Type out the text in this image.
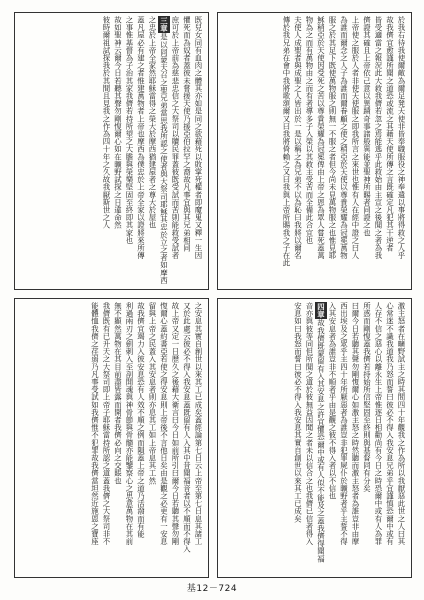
於我右待我使爾敵為爾足凳天使非皆奉職服役之神奉遣以事將得救之人乎

故我儕宜愈謹所聞之道恐或流之其藉天使所傳之言既確定凡犯其干逆者

皆受適當之報況此大救我儕若忽之焉能逃乎此救始由主宣之後聞之者為我

儕證其確且上帝依己意以異蹟奇事諸般異能並聖神所賜者同證之也

上帝使之服於人者非使天使服之即我所言之來世也惟有人在經中證之曰人

為誰而爾念之人子為誰而爾眷顧之使之稍亞於天使以尊貴榮耀為冠冕萬物

服之於其足下既使萬物服之則無一不服之者但今尚未見萬物服之也惟見耶

穌稍亞於天使因受死之苦以尊貴榮耀為冠冕俾由上帝之恩為眾人嘗死蓋萬

物為之而有萬物由之而有者導多子入榮以其救主受苦而全備此合宜也

夫使人成聖者與成聖之人皆出於一是以稱之為兄弟不以為恥曰我將以爾名

傳於我兄弟在會中我將歌頌爾又曰我將倚賴之又曰我與上帝所賜我之子在此

既兒女同有血肉之體其亦如是同之欲藉死以敗掌死權者即魔鬼又釋一生因

懼死而為奴者蓋彼未嘗援天使乃援亞伯拉罕之裔故凡事宜與其兄弟相同

庶可於上帝前為慈悲忠信之大祭司以贖民罪蓋彼既受試而苦則能救受試者

三章是以同蒙天召之聖兄弟當思我所認之使者與大祭司耶穌其忠於立之者如摩西

之忠於上帝全家然耶穌當得之榮大於摩西猶建屋者之尊大於屋也

蓋凡屋必有建之者惟建萬物者上帝也摩西為僕忠於上帝全家以證將來所傳

之事惟基督為子治其家我儕若持所望之大膽與榮樂堅固至終即其家也

故如聖神云爾今日若聽其聲勿剛愎爾心如在曠野試探之日違命然

彼時爾祖試探我於其間且見我之作為四十年之久故我厭斯世之人

激主怒者在曠野試主之時其間四十年觀我之作為所以我厭惡此世之人曰其

心常迷不識我道我乃怒而誓曰彼必不得入我安息兄弟乎宜謹慎恐爾中或有

人存不信之惡心以離永生上帝惟逐日相勸尚有今日之時恐爾中或有人為罪

所惑而剛愎蓋我儕若持始所信堅固至終則與基督同有分矣

曰爾今日若聽其聲勿剛愎爾心如激主怒之時然聽而激主怒者為誰豈非由摩

西出埃及之眾乎主四十年所厭惡者為誰豈非犯罪屍仆於曠野者乎主誓不得

入其安息者為誰豈非不順者乎由是觀之彼不得入者以不信也

四章故我儕既蒙留有入其安息之許宜懼恐爾中或有人似不能及之蓋我儕得聞福

音亦與彼等同但所聞之道於彼無益因聞之者未以信合之也我儕已信者得入

安息如曰我怒而誓曰彼必不得入我安息其實自創世以來其工已成矣

之安息其實自創世以來其工已成矣蓋經論第七日云上帝至第七日息其諸工

又於此處云彼必不得入我安息蓋既留有人入其中昔聞福音者以不順而不得入

故上帝又定一日歷久之後藉大衛言曰今日如前所引曰爾今日若聽其聲勿剛

愎爾心蓋約書亞若使之得安息則上帝後不言他日矣由是觀之必更有一安息

留與上帝之民蓋入其安息者則亦息其工如上帝息其工然

故我儕宜竭力入彼安息恐有人效不順之例而隕蓋上帝之道乃活潑而有能

利過兩刃之劍刺入至剖開魂與神骨節與骨髓亦能鑒察心之思意萬物在其前

無不顯然萬物在其目前盡皆露而開者我儕必向之交賬也

我儕既有已升天之大祭司即上帝子耶穌當持所認之道蓋我儕之大祭司非不

能體恤我儕之荏弱乃凡事受試如我儕惟不犯罪故我儕當坦然近施恩之寶座

基12－724
